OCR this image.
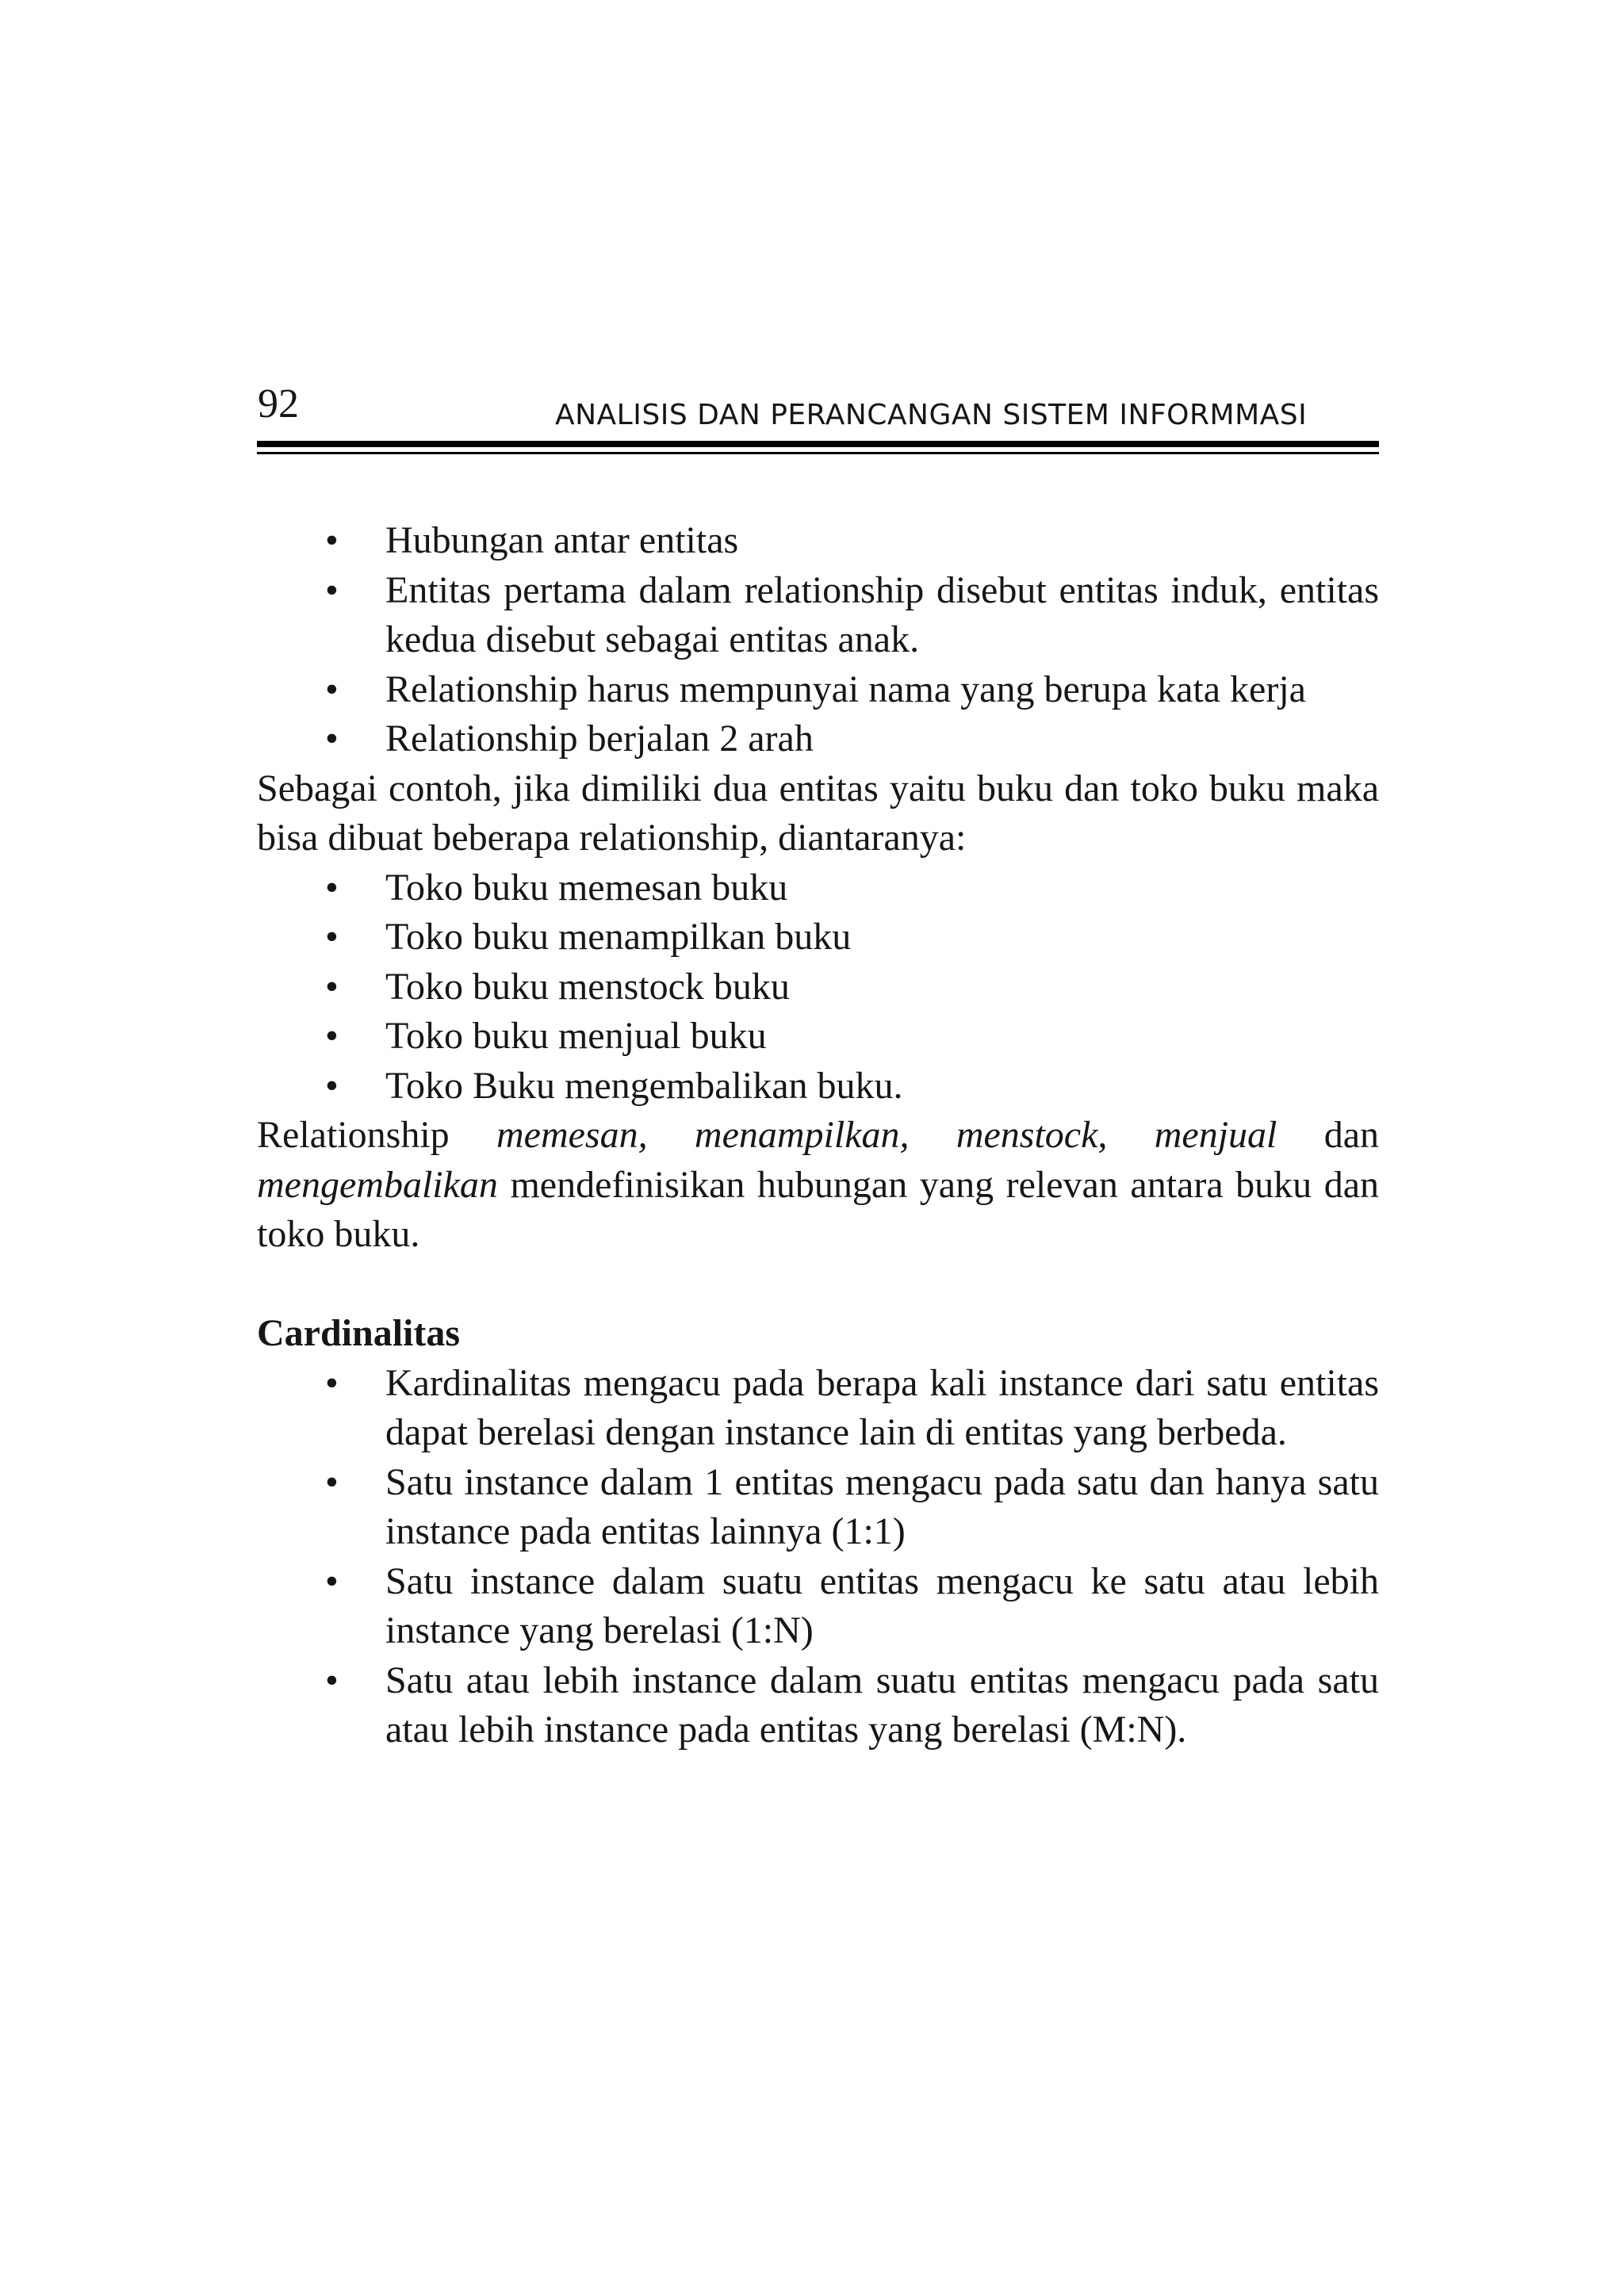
92	ANALISIS DAN PERANCANGAN SISTEM INFORMMASI
• Hubungan antar entitas
• Entitas pertama dalam relationship disebut entitas induk, entitas kedua disebut sebagai entitas anak.
• Relationship harus mempunyai nama yang berupa kata kerja
• Relationship berjalan 2 arah

Sebagai contoh, jika dimiliki dua entitas yaitu buku dan toko buku maka bisa dibuat beberapa relationship, diantaranya:

• Toko buku memesan buku
• Toko buku menampilkan buku
• Toko buku menstock buku
• Toko buku menjual buku
• Toko Buku mengembalikan buku.

Relationship memesan, menampilkan, menstock, menjual dan mengembalikan mendefinisikan hubungan yang relevan antara buku dan toko buku.

Cardinalitas

• Kardinalitas mengacu pada berapa kali instance dari satu entitas dapat berelasi dengan instance lain di entitas yang berbeda.
• Satu instance dalam 1 entitas mengacu pada satu dan hanya satu instance pada entitas lainnya (1:1)
• Satu instance dalam suatu entitas mengacu ke satu atau lebih instance yang berelasi (1:N)
• Satu atau lebih instance dalam suatu entitas mengacu pada satu atau lebih instance pada entitas yang berelasi (M:N).
